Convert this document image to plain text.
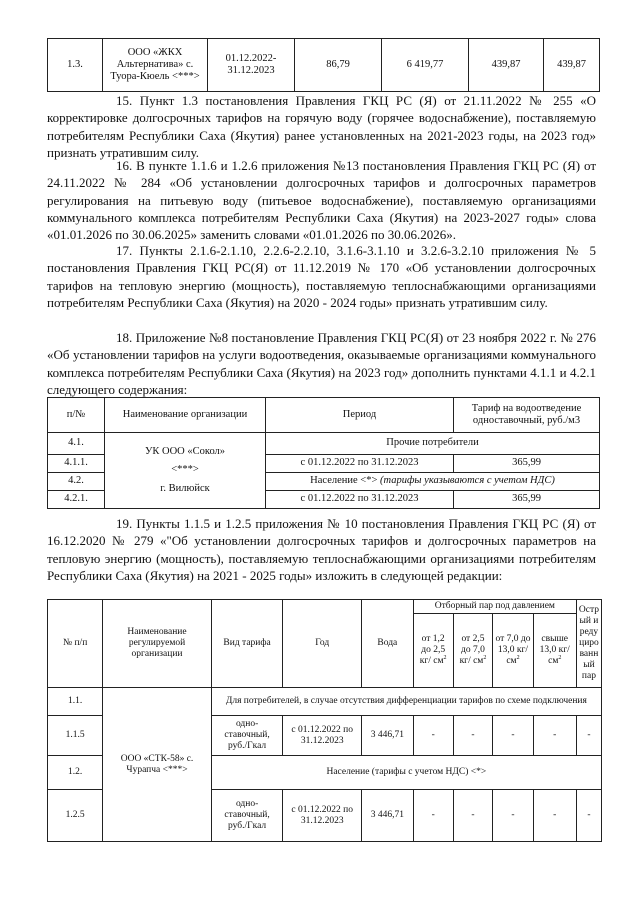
1.3.	ООО «ЖКХ Альтернатива» с. Туора-Кюель <***>	01.12.2022-31.12.2023	86,79	6 419,77	439,87	439,87

15. Пункт 1.3 постановления Правления ГКЦ РС (Я) от 21.11.2022 № 255 «О корректировке долгосрочных тарифов на горячую воду (горячее водоснабжение), поставляемую потребителям Республики Саха (Якутия) ранее установленных на 2021-2023 годы, на 2023 год» признать утратившим силу.

16. В пункте 1.1.6 и 1.2.6 приложения №13 постановления Правления ГКЦ РС (Я) от 24.11.2022 № 284 «Об установлении долгосрочных тарифов и долгосрочных параметров регулирования на питьевую воду (питьевое водоснабжение), поставляемую организациями коммунального комплекса потребителям Республики Саха (Якутия) на 2023-2027 годы» слова «01.01.2026 по 30.06.2025» заменить словами «01.01.2026 по 30.06.2026».

17. Пункты 2.1.6-2.1.10, 2.2.6-2.2.10, 3.1.6-3.1.10 и 3.2.6-3.2.10 приложения № 5 постановления Правления ГКЦ РС(Я) от 11.12.2019 № 170 «Об установлении долгосрочных тарифов на тепловую энергию (мощность), поставляемую теплоснабжающими организациями потребителям Республики Саха (Якутия) на 2020 - 2024 годы» признать утратившим силу.

18. Приложение №8 постановление Правления ГКЦ РС(Я) от 23 ноября 2022 г. № 276 «Об установлении тарифов на услуги водоотведения, оказываемые организациями коммунального комплекса потребителям Республики Саха (Якутия) на 2023 год» дополнить пунктами 4.1.1 и 4.2.1 следующего содержания:

п/№	Наименование организации	Период	Тариф на водоотведение одноставочный, руб./м3
4.1.	УК ООО «Сокол»
<***>
г. Вилюйск	Прочие потребители	
4.1.1.		с 01.12.2022 по 31.12.2023	365,99
4.2.		Население <*> (тарифы указываются с учетом НДС)	
4.2.1.		с 01.12.2022 по 31.12.2023	365,99

19. Пункты 1.1.5 и 1.2.5 приложения № 10 постановления Правления ГКЦ РС (Я) от 16.12.2020 № 279 «"Об установлении долгосрочных тарифов и долгосрочных параметров на тепловую энергию (мощность), поставляемую теплоснабжающими организациями потребителям Республики Саха (Якутия) на 2021 - 2025 годы» изложить в следующей редакции:

№ п/п	Наименование регулируемой организации	Вид тарифа	Год	Вода	Отборный пар под давлением				Остр ый и реду циро ванн ый пар
					от 1,2 до 2,5 кг/ $см^2$	от 2,5 до 7,0 кг/ $см^2$	от 7,0 до 13,0 кг/ $см^2$	свыше 13,0 кг/ $см^2$
1.1.	ООО «СТК-58» с. Чурапча <***>	Для потребителей, в случае отсутствия дифференциации тарифов по схеме подключения							
1.1.5		одно-ставочный, руб./Гкал	с 01.12.2022 по 31.12.2023	3 446,71	-	-	-	-	-
1.2.		Население (тарифы с учетом НДС) <*>							
1.2.5		одно-ставочный, руб./Гкал	с 01.12.2022 по 31.12.2023	3 446,71	-	-	-	-	-
